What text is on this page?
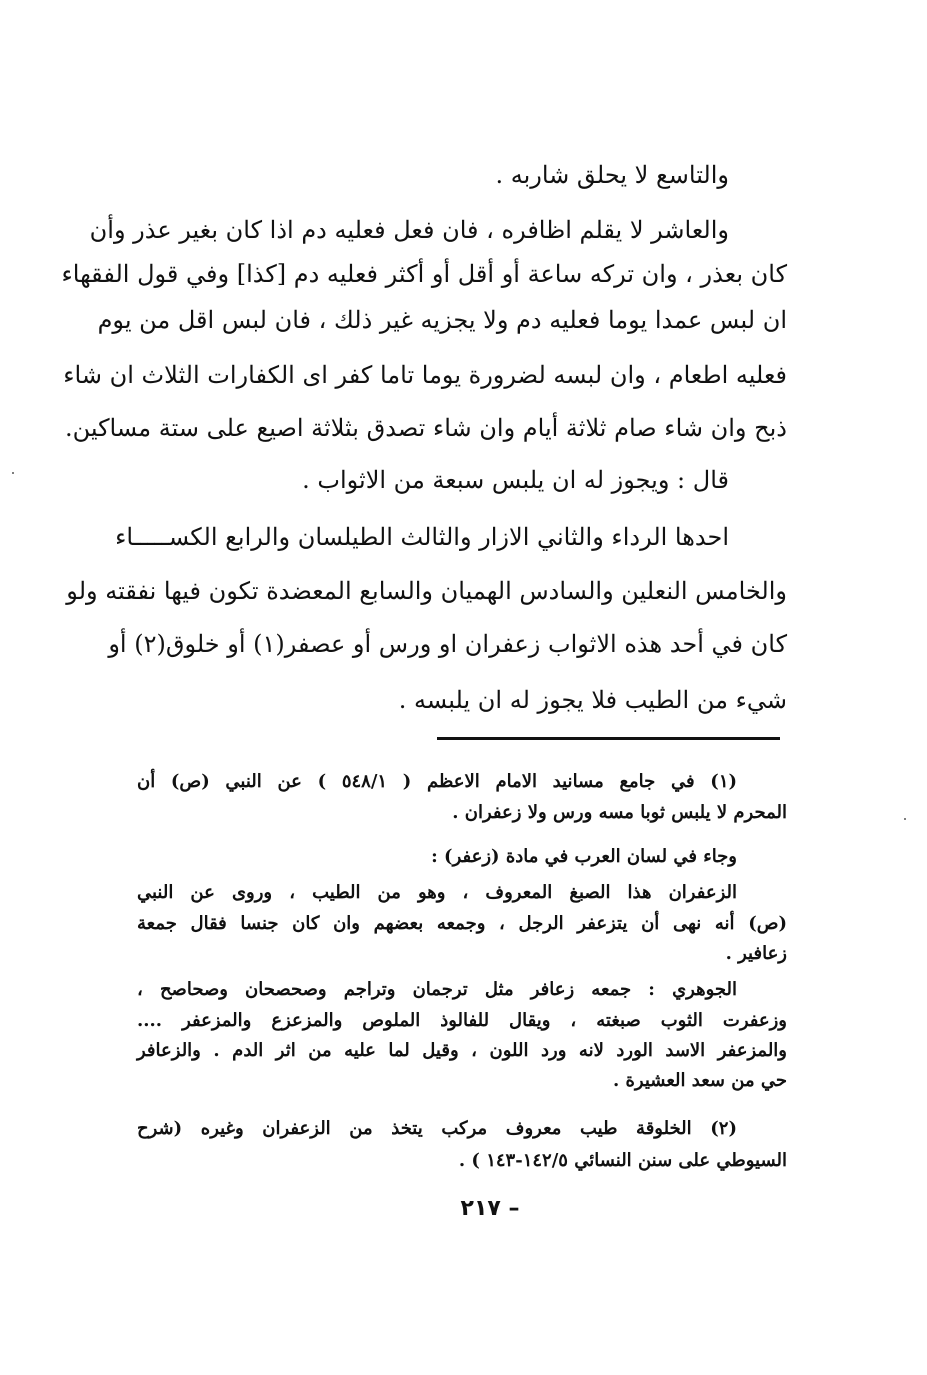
والتاسع لا يحلق شاربه .
والعاشر لا يقلم اظافره ، فان فعل فعليه دم اذا كان بغير عذر وأن
كان بعذر ، وان تركه ساعة أو أقل أو أكثر فعليه دم [كذا] وفي قول الفقهاء
ان لبس عمدا يوما فعليه دم ولا يجزيه غير ذلك ، فان لبس اقل من يوم
فعليه اطعام ، وان لبسه لضرورة يوما تاما كفر اى الكفارات الثلاث ان شاء
ذبح وان شاء صام ثلاثة أيام وان شاء تصدق بثلاثة اصيع على ستة مساكين.
قال : ويجوز له ان يلبس سبعة من الاثواب .
احدها الرداء والثاني الازار والثالث الطيلسان والرابع الكســـــاء
والخامس النعلين والسادس الهميان والسابع المعضدة تكون فيها نفقته ولو
كان في أحد هذه الاثواب زعفران او ورس أو عصفر(١) أو خلوق(٢) أو
شيء من الطيب فلا يجوز له ان يلبسه .
(١) في جامع مسانيد الامام الاعظم ( ٥٤٨/١ ) عن النبي (ص) أن
المحرم لا يلبس ثوبا مسه ورس ولا زعفران .
وجاء في لسان العرب في مادة (زعفر) :
الزعفران هذا الصبغ المعروف ، وهو من الطيب ، وروى عن النبي
(ص) أنه نهى أن يتزعفر الرجل ، وجمعه بعضهم وان كان جنسا فقال جمعة
زعافير .
الجوهري : جمعه زعافر مثل ترجمان وتراجم وصحصحان وصحاصح ،
وزعفرت الثوب صبغته ، ويقال للفالوذ الملوص والمزعزع والمزعفر ....
والمزعفر الاسد الورد لانه ورد اللون ، وقيل لما عليه من اثر الدم . والزعافر
حي من سعد العشيرة .
(٢) الخلوقة طيب معروف مركب يتخذ من الزعفران وغيره (شرح
السيوطي على سنن النسائي ١٤٢/٥-١٤٣ ) .
– ٢١٧
